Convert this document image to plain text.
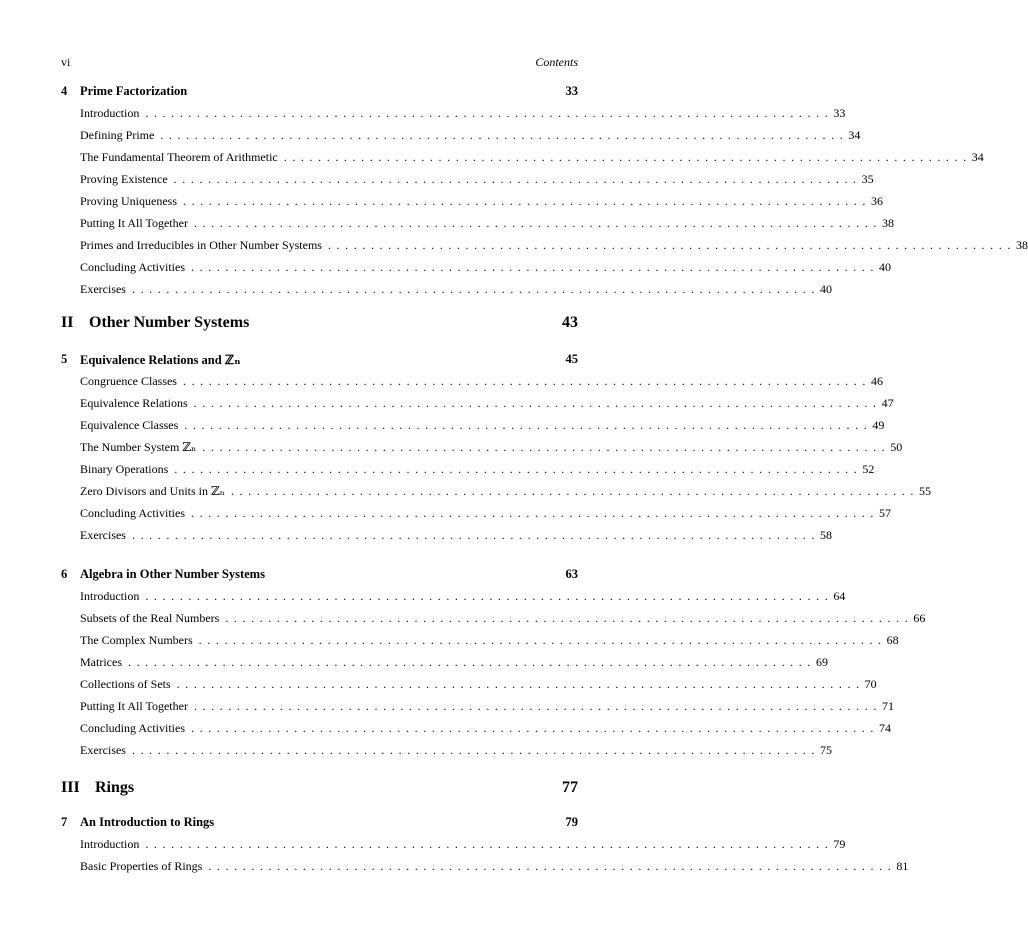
vi	Contents
4 Prime Factorization	33
Introduction ................................................................................ 33
Defining Prime ................................................................................ 34
The Fundamental Theorem of Arithmetic ................................................................................ 34
Proving Existence ................................................................................ 35
Proving Uniqueness ................................................................................ 36
Putting It All Together ................................................................................ 38
Primes and Irreducibles in Other Number Systems ................................................................................ 38
Concluding Activities ................................................................................ 40
Exercises ................................................................................ 40
II Other Number Systems	43
5 Equivalence Relations and ℤₙ	45
Congruence Classes ................................................................................ 46
Equivalence Relations ................................................................................ 47
Equivalence Classes ................................................................................ 49
The Number System ℤₙ ................................................................................ 50
Binary Operations ................................................................................ 52
Zero Divisors and Units in ℤₙ ................................................................................ 55
Concluding Activities ................................................................................ 57
Exercises ................................................................................ 58
6 Algebra in Other Number Systems	63
Introduction ................................................................................ 64
Subsets of the Real Numbers ................................................................................ 66
The Complex Numbers ................................................................................ 68
Matrices ................................................................................ 69
Collections of Sets ................................................................................ 70
Putting It All Together ................................................................................ 71
Concluding Activities ................................................................................ 74
Exercises ................................................................................ 75
III Rings	77
7 An Introduction to Rings	79
Introduction ................................................................................ 79
Basic Properties of Rings ................................................................................ 81
